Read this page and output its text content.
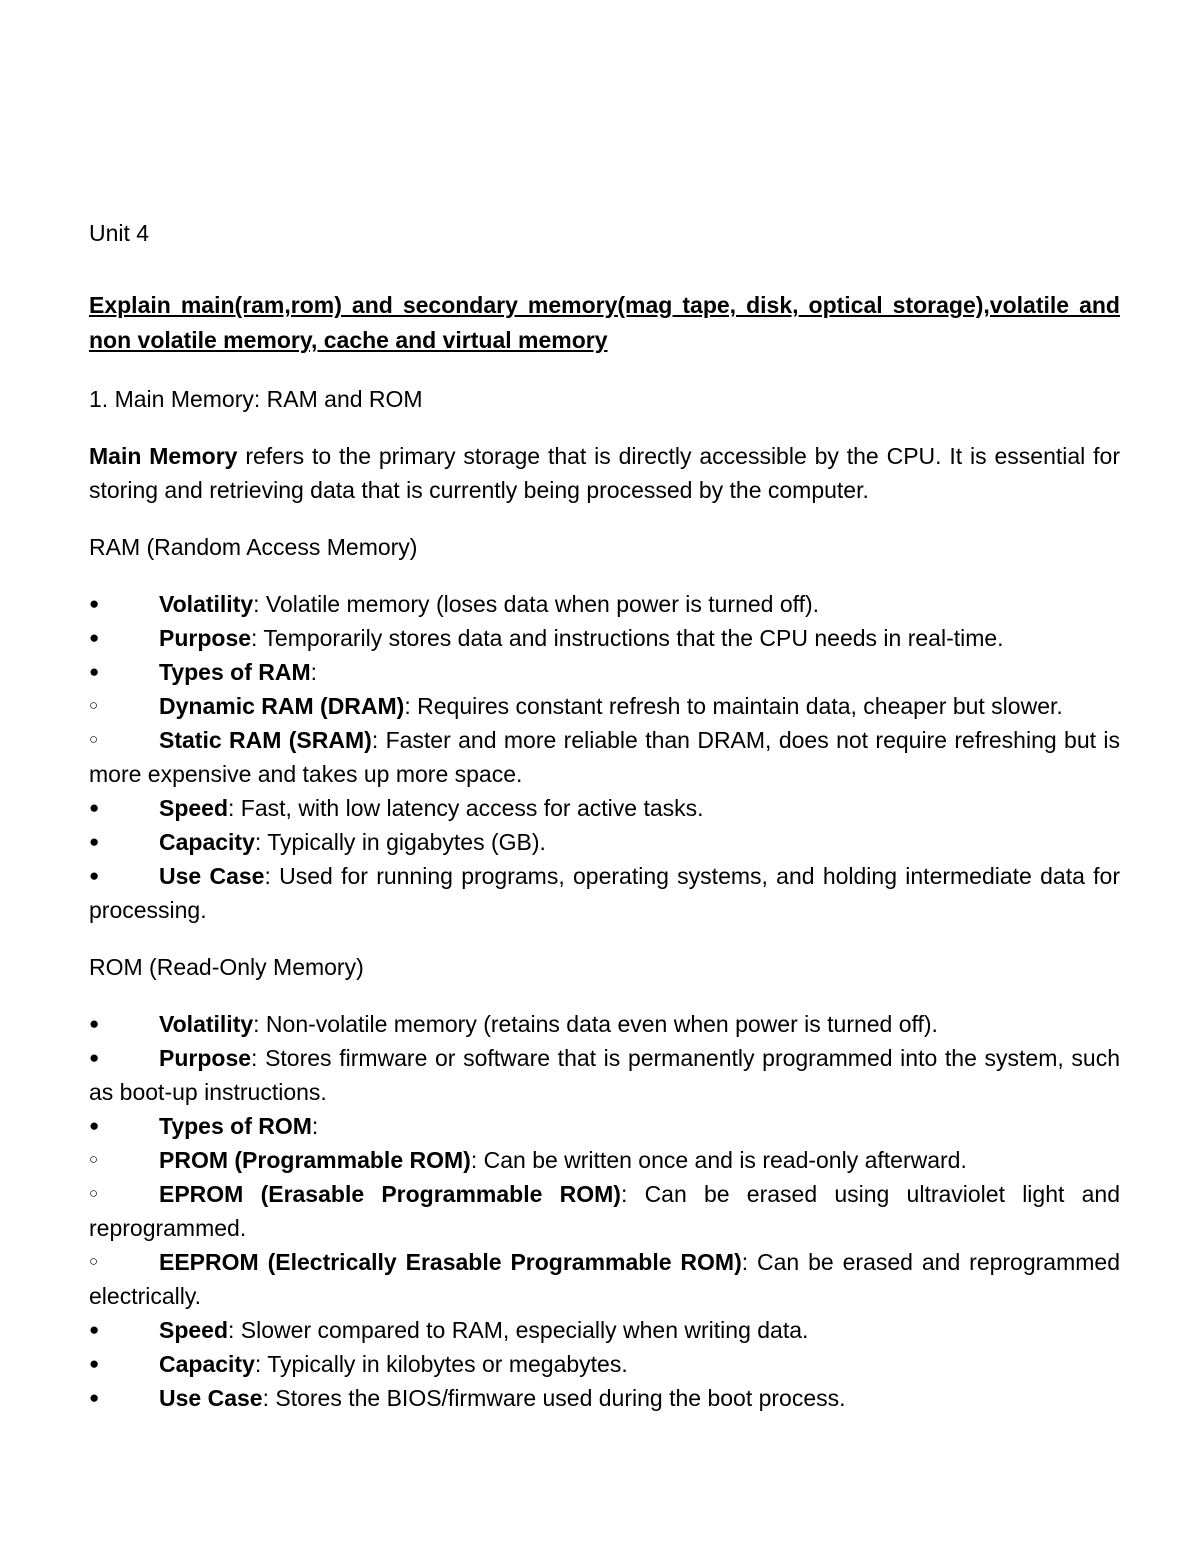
Unit 4

Explain main(ram,rom) and secondary memory(mag tape, disk, optical storage),volatile and non volatile memory, cache and virtual memory

1. Main Memory: RAM and ROM

Main Memory refers to the primary storage that is directly accessible by the CPU. It is essential for storing and retrieving data that is currently being processed by the computer.

RAM (Random Access Memory)

●	Volatility: Volatile memory (loses data when power is turned off).
●	Purpose: Temporarily stores data and instructions that the CPU needs in real-time.
●	Types of RAM:
○	Dynamic RAM (DRAM): Requires constant refresh to maintain data, cheaper but slower.
○	Static RAM (SRAM): Faster and more reliable than DRAM, does not require refreshing but is more expensive and takes up more space.
●	Speed: Fast, with low latency access for active tasks.
●	Capacity: Typically in gigabytes (GB).
●	Use Case: Used for running programs, operating systems, and holding intermediate data for processing.

ROM (Read-Only Memory)

●	Volatility: Non-volatile memory (retains data even when power is turned off).
●	Purpose: Stores firmware or software that is permanently programmed into the system, such as boot-up instructions.
●	Types of ROM:
○	PROM (Programmable ROM): Can be written once and is read-only afterward.
○	EPROM (Erasable Programmable ROM): Can be erased using ultraviolet light and reprogrammed.
○	EEPROM (Electrically Erasable Programmable ROM): Can be erased and reprogrammed electrically.
●	Speed: Slower compared to RAM, especially when writing data.
●	Capacity: Typically in kilobytes or megabytes.
●	Use Case: Stores the BIOS/firmware used during the boot process.
